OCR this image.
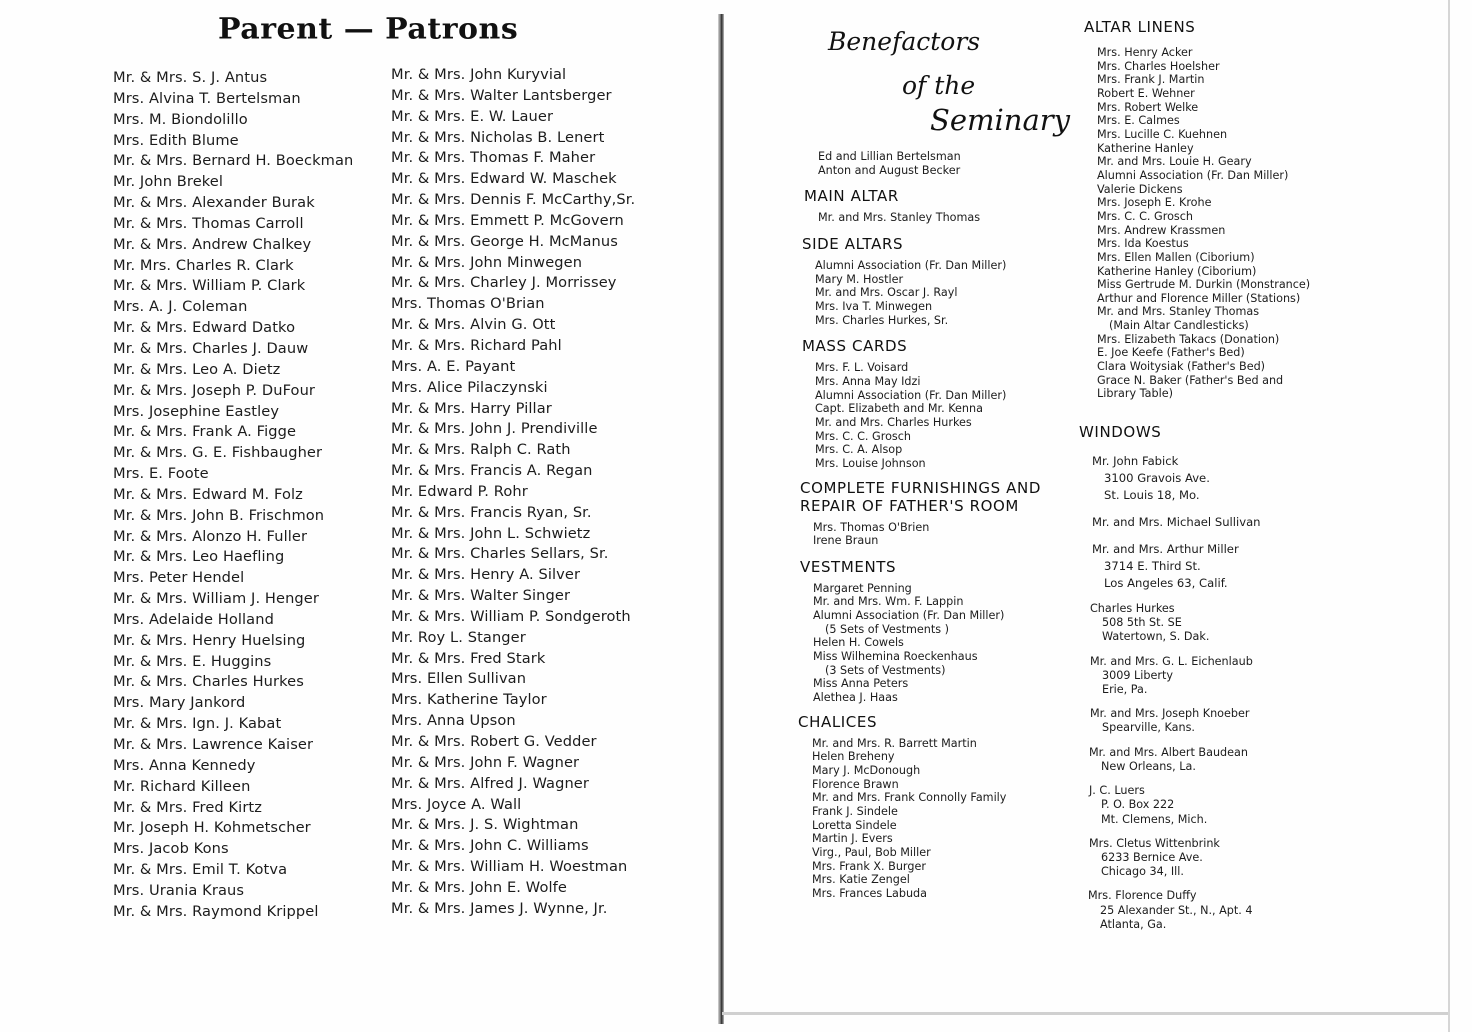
Parent — Patrons
Mr. & Mrs. S. J. Antus
Mrs. Alvina T. Bertelsman
Mrs. M. Biondolillo
Mrs. Edith Blume
Mr. & Mrs. Bernard H. Boeckman
Mr. John Brekel
Mr. & Mrs. Alexander Burak
Mr. & Mrs. Thomas Carroll
Mr. & Mrs. Andrew Chalkey
Mr. Mrs. Charles R. Clark
Mr. & Mrs. William P. Clark
Mrs. A. J. Coleman
Mr. & Mrs. Edward Datko
Mr. & Mrs. Charles J. Dauw
Mr. & Mrs. Leo A. Dietz
Mr. & Mrs. Joseph P. DuFour
Mrs. Josephine Eastley
Mr. & Mrs. Frank A. Figge
Mr. & Mrs. G. E. Fishbaugher
Mrs. E. Foote
Mr. & Mrs. Edward M. Folz
Mr. & Mrs. John B. Frischmon
Mr. & Mrs. Alonzo H. Fuller
Mr. & Mrs. Leo Haefling
Mrs. Peter Hendel
Mr. & Mrs. William J. Henger
Mrs. Adelaide Holland
Mr. & Mrs. Henry Huelsing
Mr. & Mrs. E. Huggins
Mr. & Mrs. Charles Hurkes
Mrs. Mary Jankord
Mr. & Mrs. Ign. J. Kabat
Mr. & Mrs. Lawrence Kaiser
Mrs. Anna Kennedy
Mr. Richard Killeen
Mr. & Mrs. Fred Kirtz
Mr. Joseph H. Kohmetscher
Mrs. Jacob Kons
Mr. & Mrs. Emil T. Kotva
Mrs. Urania Kraus
Mr. & Mrs. Raymond Krippel
Mr. & Mrs. John Kuryvial
Mr. & Mrs. Walter Lantsberger
Mr. & Mrs. E. W. Lauer
Mr. & Mrs. Nicholas B. Lenert
Mr. & Mrs. Thomas F. Maher
Mr. & Mrs. Edward W. Maschek
Mr. & Mrs. Dennis F. McCarthy,Sr.
Mr. & Mrs. Emmett P. McGovern
Mr. & Mrs. George H. McManus
Mr. & Mrs. John Minwegen
Mr. & Mrs. Charley J. Morrissey
Mrs. Thomas O'Brian
Mr. & Mrs. Alvin G. Ott
Mr. & Mrs. Richard Pahl
Mrs. A. E. Payant
Mrs. Alice Pilaczynski
Mr. & Mrs. Harry Pillar
Mr. & Mrs. John J. Prendiville
Mr. & Mrs. Ralph C. Rath
Mr. & Mrs. Francis A. Regan
Mr. Edward P. Rohr
Mr. & Mrs. Francis Ryan, Sr.
Mr. & Mrs. John L. Schwietz
Mr. & Mrs. Charles Sellars, Sr.
Mr. & Mrs. Henry A. Silver
Mr. & Mrs. Walter Singer
Mr. & Mrs. William P. Sondgeroth
Mr. Roy L. Stanger
Mr. & Mrs. Fred Stark
Mrs. Ellen Sullivan
Mrs. Katherine Taylor
Mrs. Anna Upson
Mr. & Mrs. Robert G. Vedder
Mr. & Mrs. John F. Wagner
Mr. & Mrs. Alfred J. Wagner
Mrs. Joyce A. Wall
Mr. & Mrs. J. S. Wightman
Mr. & Mrs. John C. Williams
Mr. & Mrs. William H. Woestman
Mr. & Mrs. John E. Wolfe
Mr. & Mrs. James J. Wynne, Jr.
Benefactors
of the
Seminary
Ed and Lillian Bertelsman
Anton and August Becker
MAIN ALTAR
Mr. and Mrs. Stanley Thomas
SIDE ALTARS
Alumni Association (Fr. Dan Miller)
Mary M. Hostler
Mr. and Mrs. Oscar J. Rayl
Mrs. Iva T. Minwegen
Mrs. Charles Hurkes, Sr.
MASS CARDS
Mrs. F. L. Voisard
Mrs. Anna May Idzi
Alumni Association (Fr. Dan Miller)
Capt. Elizabeth and Mr. Kenna
Mr. and Mrs. Charles Hurkes
Mrs. C. C. Grosch
Mrs. C. A. Alsop
Mrs. Louise Johnson
COMPLETE FURNISHINGS AND
REPAIR OF FATHER'S ROOM
Mrs. Thomas O'Brien
Irene Braun
VESTMENTS
Margaret Penning
Mr. and Mrs. Wm. F. Lappin
Alumni Association (Fr. Dan Miller)
(5 Sets of Vestments )
Helen H. Cowels
Miss Wilhemina Roeckenhaus
(3 Sets of Vestments)
Miss Anna Peters
Alethea J. Haas
CHALICES
Mr. and Mrs. R. Barrett Martin
Helen Breheny
Mary J. McDonough
Florence Brawn
Mr. and Mrs. Frank Connolly Family
Frank J. Sindele
Loretta Sindele
Martin J. Evers
Virg., Paul, Bob Miller
Mrs. Frank X. Burger
Mrs. Katie Zengel
Mrs. Frances Labuda
ALTAR LINENS
Mrs. Henry Acker
Mrs. Charles Hoelsher
Mrs. Frank J. Martin
Robert E. Wehner
Mrs. Robert Welke
Mrs. E. Calmes
Mrs. Lucille C. Kuehnen
Katherine Hanley
Mr. and Mrs. Louie H. Geary
Alumni Association (Fr. Dan Miller)
Valerie Dickens
Mrs. Joseph E. Krohe
Mrs. C. C. Grosch
Mrs. Andrew Krassmen
Mrs. Ida Koestus
Mrs. Ellen Mallen (Ciborium)
Katherine Hanley (Ciborium)
Miss Gertrude M. Durkin (Monstrance)
Arthur and Florence Miller (Stations)
Mr. and Mrs. Stanley Thomas
(Main Altar Candlesticks)
Mrs. Elizabeth Takacs (Donation)
E. Joe Keefe (Father's Bed)
Clara Woitysiak (Father's Bed)
Grace N. Baker (Father's Bed and
Library Table)
WINDOWS
Mr. John Fabick
3100 Gravois Ave.
St. Louis 18, Mo.
Mr. and Mrs. Michael Sullivan
Mr. and Mrs. Arthur Miller
3714 E. Third St.
Los Angeles 63, Calif.
Charles Hurkes
508 5th St. SE
Watertown, S. Dak.
Mr. and Mrs. G. L. Eichenlaub
3009 Liberty
Erie, Pa.
Mr. and Mrs. Joseph Knoeber
Spearville, Kans.
Mr. and Mrs. Albert Baudean
New Orleans, La.
J. C. Luers
P. O. Box 222
Mt. Clemens, Mich.
Mrs. Cletus Wittenbrink
6233 Bernice Ave.
Chicago 34, Ill.
Mrs. Florence Duffy
25 Alexander St., N., Apt. 4
Atlanta, Ga.
